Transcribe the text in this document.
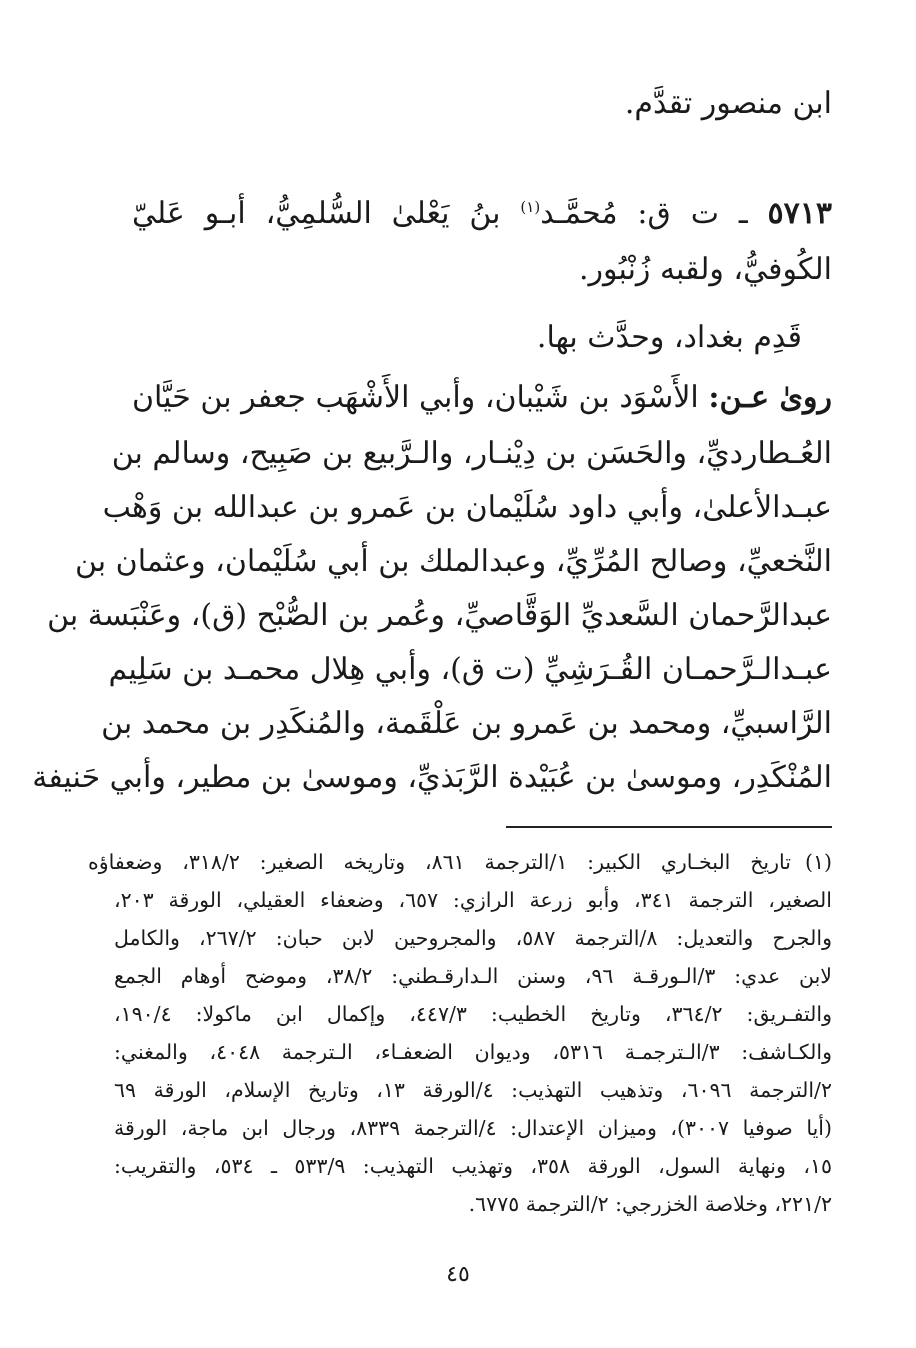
ابن منصور تقدَّم.

٥٧١٣ ـ ت ق: مُحمَّـد$^{(١)}$ بنُ يَعْلىٰ السُّلمِيُّ، أبـو عَليّ

الكُوفيُّ، ولقبه زُنْبُور.

قَدِم بغداد، وحدَّث بها.

روىٰ عـن: الأَسْوَد بن شَيْبان، وأبي الأَشْهَب جعفر بن حَيَّان

العُـطارديِّ، والحَسَن بن دِيْنـار، والـرَّبيع بن صَبِيح، وسالم بن

عبـدالأعلىٰ، وأبي داود سُلَيْمان بن عَمرو بن عبدالله بن وَهْب

النَّخعيِّ، وصالح المُرِّيِّ، وعبدالملك بن أبي سُلَيْمان، وعثمان بن

عبدالرَّحمان السَّعديِّ الوَقَّاصيِّ، وعُمر بن الصُّبْح (ق)، وعَنْبَسة بن

عبـدالـرَّحمـان القُـرَشِيِّ (ت ق)، وأبي هِلال محمـد بن سَلِيم

الرَّاسبيِّ، ومحمد بن عَمرو بن عَلْقَمة، والمُنكَدِر بن محمد بن

المُنْكَدِر، وموسىٰ بن عُبَيْدة الرَّبَذيِّ، وموسىٰ بن مطير، وأبي حَنيفة

(١)تاريخ البخـاري الكبير: ١/الترجمة ٨٦١، وتاريخه الصغير: ٣١٨/٢، وضعفاؤه

الصغير، الترجمة ٣٤١، وأبو زرعة الرازي: ٦٥٧، وضعفاء العقيلي، الورقة ٢٠٣،

والجرح والتعديل: ٨/الترجمة ٥٨٧، والمجروحين لابن حبان: ٢٦٧/٢، والكامل

لابن عدي: ٣/الـورقـة ٩٦، وسنن الـدارقـطني: ٣٨/٢، وموضح أوهام الجمع

والتفـريق: ٣٦٤/٢، وتاريخ الخطيب: ٤٤٧/٣، وإكمال ابن ماكولا: ١٩٠/٤،

والكـاشف: ٣/الـترجمـة ٥٣١٦، وديوان الضعفـاء، الـترجمة ٤٠٤٨، والمغني:

٢/الترجمة ٦٠٩٦، وتذهيب التهذيب: ٤/الورقة ١٣، وتاريخ الإسلام، الورقة ٦٩

(أيا صوفيا ٣٠٠٧)، وميزان الإعتدال: ٤/الترجمة ٨٣٣٩، ورجال ابن ماجة، الورقة

١٥، ونهاية السول، الورقة ٣٥٨، وتهذيب التهذيب: ٥٣٣/٩ ـ ٥٣٤، والتقريب:

٢٢١/٢، وخلاصة الخزرجي: ٢/الترجمة ٦٧٧٥.

٤٥
